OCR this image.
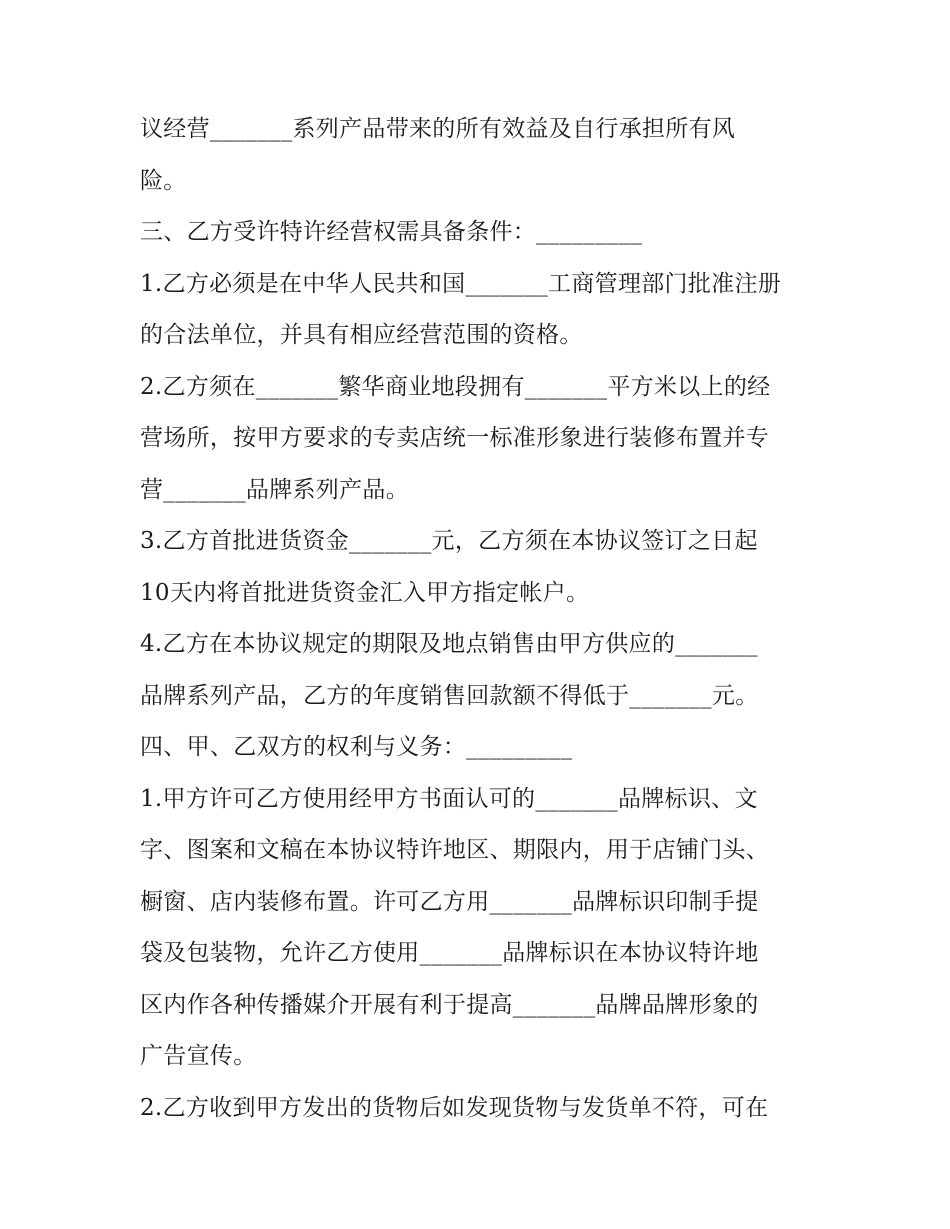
议经营_______系列产品带来的所有效益及自行承担所有风
险。
三、乙方受许特许经营权需具备条件：_________
1.乙方必须是在中华人民共和国_______工商管理部门批准注册
的合法单位，并具有相应经营范围的资格。
2.乙方须在_______繁华商业地段拥有_______平方米以上的经
营场所，按甲方要求的专卖店统一标准形象进行装修布置并专
营_______品牌系列产品。
3.乙方首批进货资金_______元，乙方须在本协议签订之日起
10天内将首批进货资金汇入甲方指定帐户。
4.乙方在本协议规定的期限及地点销售由甲方供应的_______
品牌系列产品，乙方的年度销售回款额不得低于_______元。
四、甲、乙双方的权利与义务：_________
1.甲方许可乙方使用经甲方书面认可的_______品牌标识、文
字、图案和文稿在本协议特许地区、期限内，用于店铺门头、
橱窗、店内装修布置。许可乙方用_______品牌标识印制手提
袋及包装物，允许乙方使用_______品牌标识在本协议特许地
区内作各种传播媒介开展有利于提高_______品牌品牌形象的
广告宣传。
2.乙方收到甲方发出的货物后如发现货物与发货单不符，可在
